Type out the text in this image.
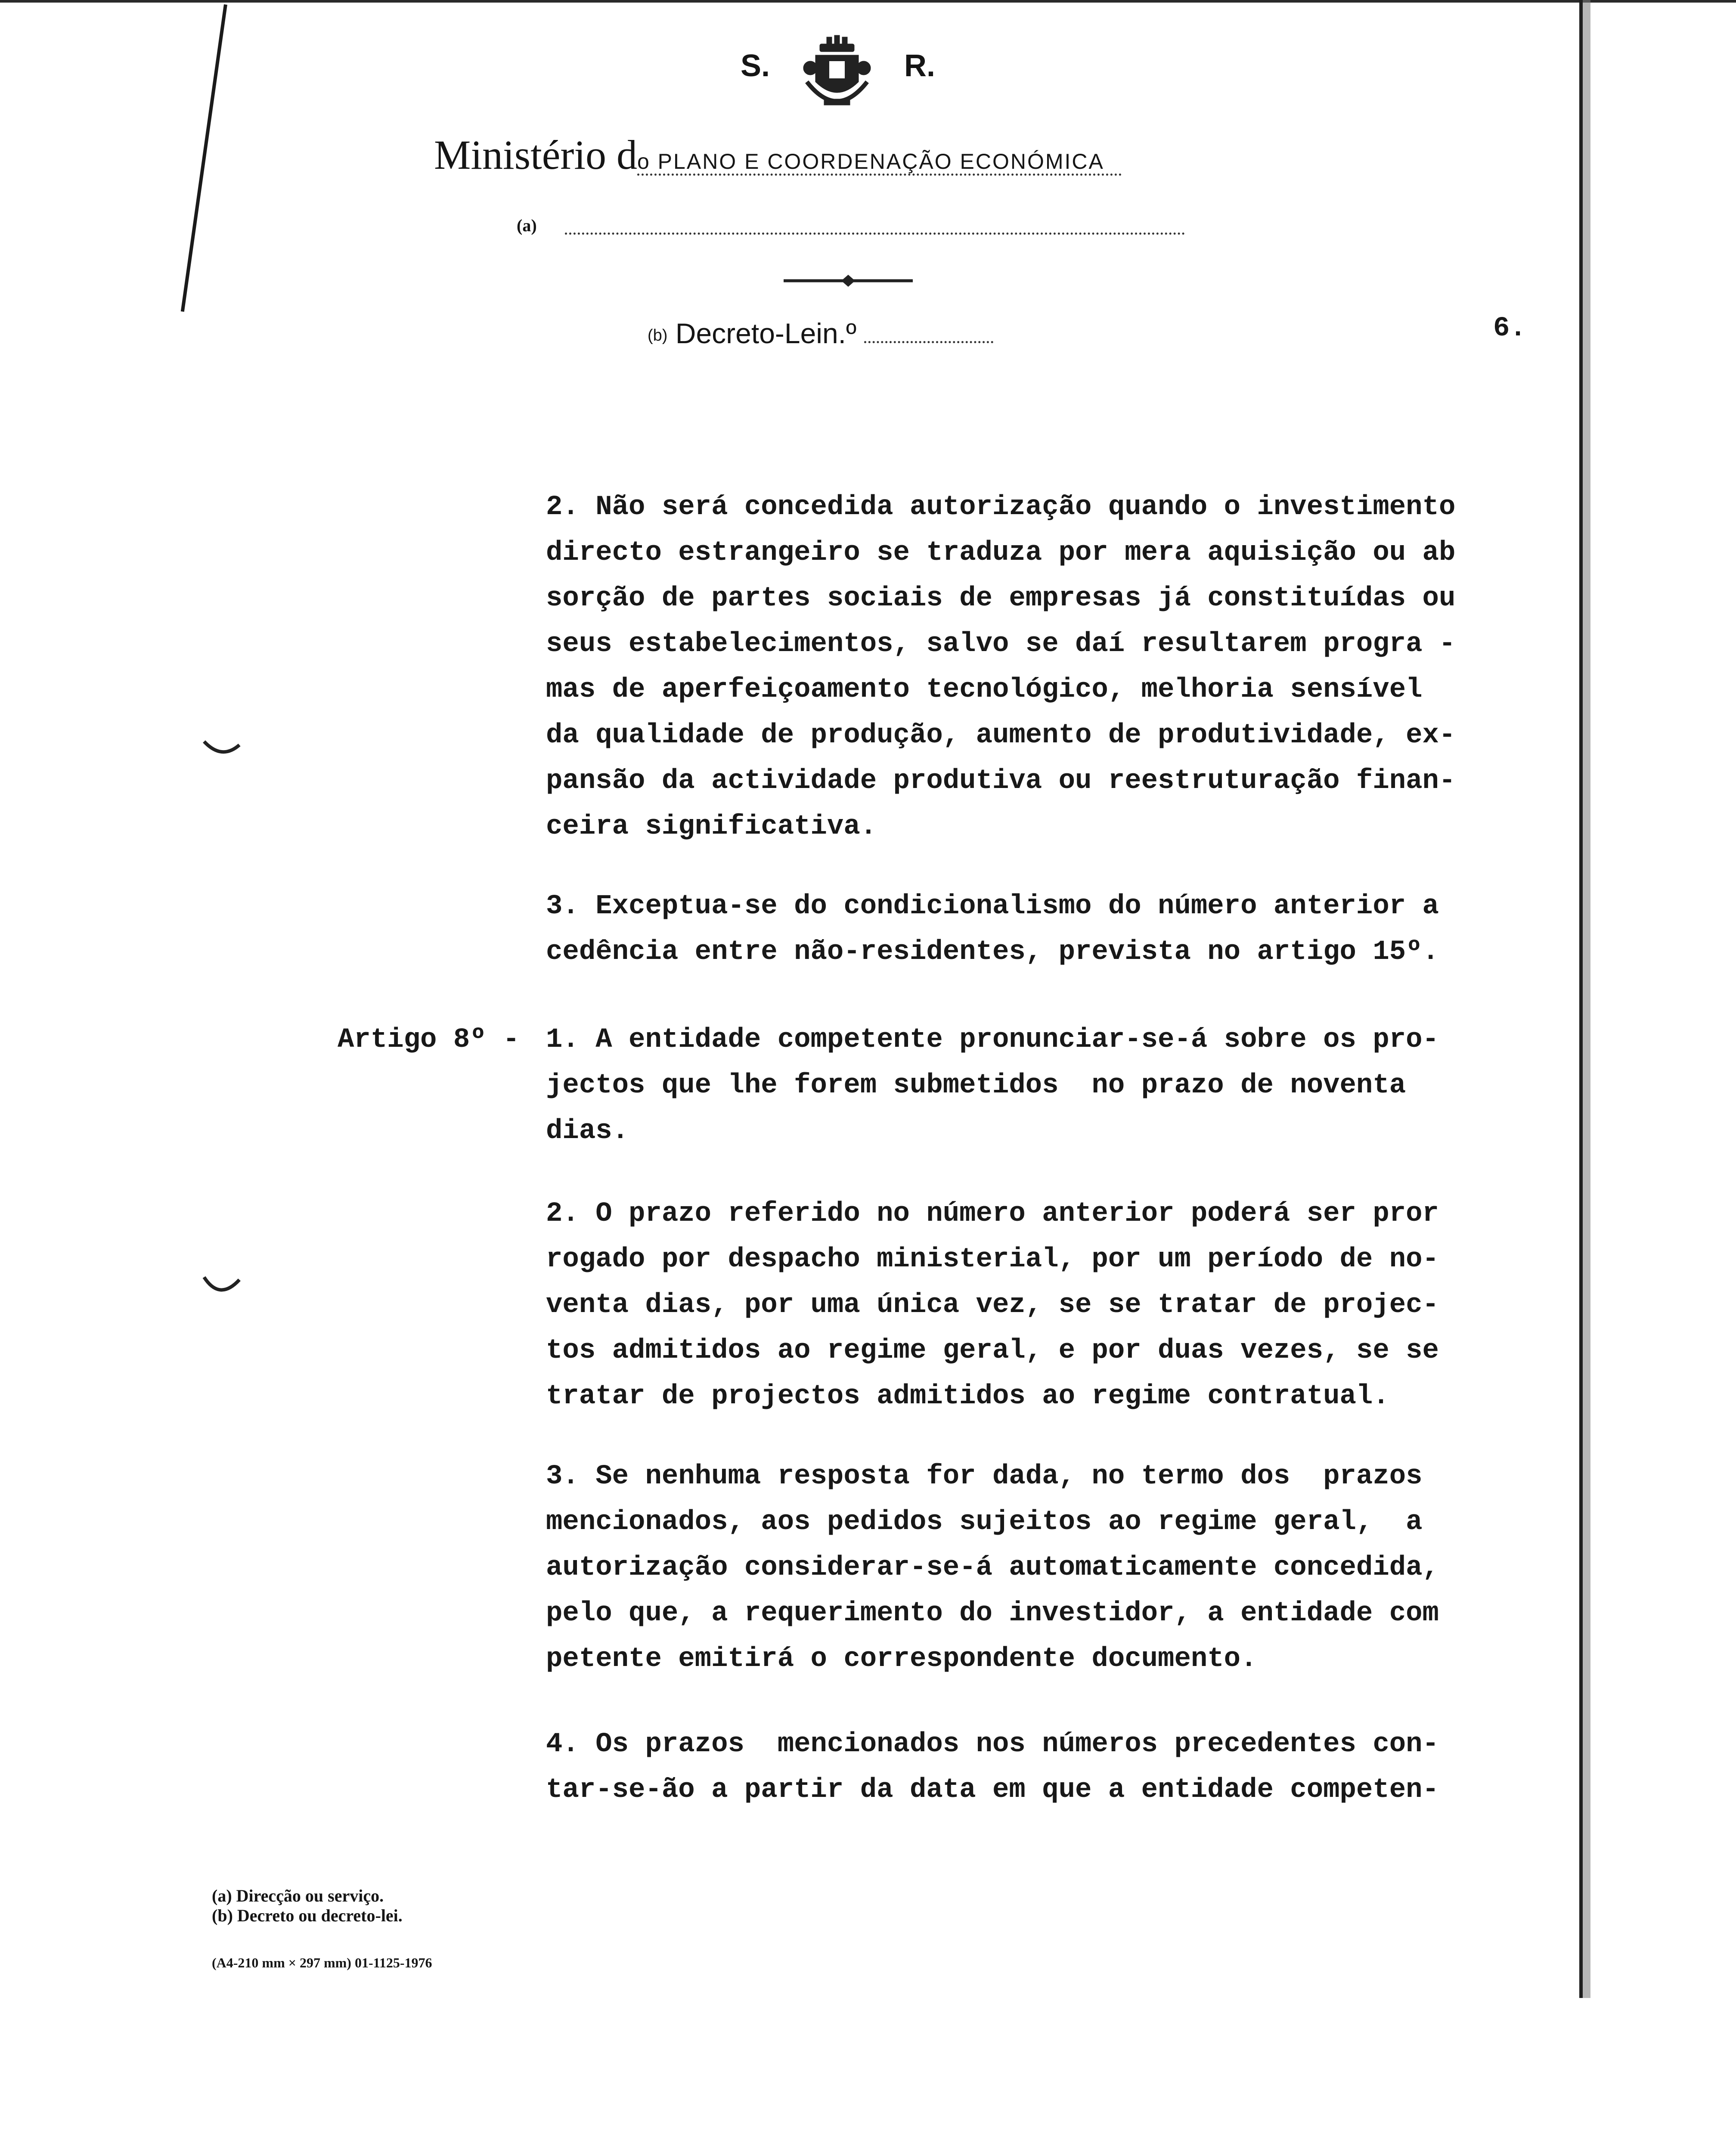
S.	R.
Ministério do PLANO E COORDENAÇÃO ECONÓMICA
(a)
(b) Decreto-Lein.º	6.
2. Não será concedida autorização quando o investimento
directo estrangeiro se traduza por mera aquisição ou ab
sorção de partes sociais de empresas já constituídas ou
seus estabelecimentos, salvo se daí resultarem progra -
mas de aperfeiçoamento tecnológico, melhoria sensível
da qualidade de produção, aumento de produtividade, ex-
pansão da actividade produtiva ou reestruturação finan-
ceira significativa.
3. Exceptua-se do condicionalismo do número anterior a
cedência entre não-residentes, prevista no artigo 15º.
Artigo 8º - 1. A entidade competente pronunciar-se-á sobre os pro-
jectos que lhe forem submetidos  no prazo de noventa
dias.
2. O prazo referido no número anterior poderá ser pror
rogado por despacho ministerial, por um período de no-
venta dias, por uma única vez, se se tratar de projec-
tos admitidos ao regime geral, e por duas vezes, se se
tratar de projectos admitidos ao regime contratual.
3. Se nenhuma resposta for dada, no termo dos  prazos
mencionados, aos pedidos sujeitos ao regime geral,  a
autorização considerar-se-á automaticamente concedida,
pelo que, a requerimento do investidor, a entidade com
petente emitirá o correspondente documento.
4. Os prazos  mencionados nos números precedentes con-
tar-se-ão a partir da data em que a entidade competen-
(a) Direcção ou serviço.
(b) Decreto ou decreto-lei.
(A4-210 mm × 297 mm) 01-1125-1976
